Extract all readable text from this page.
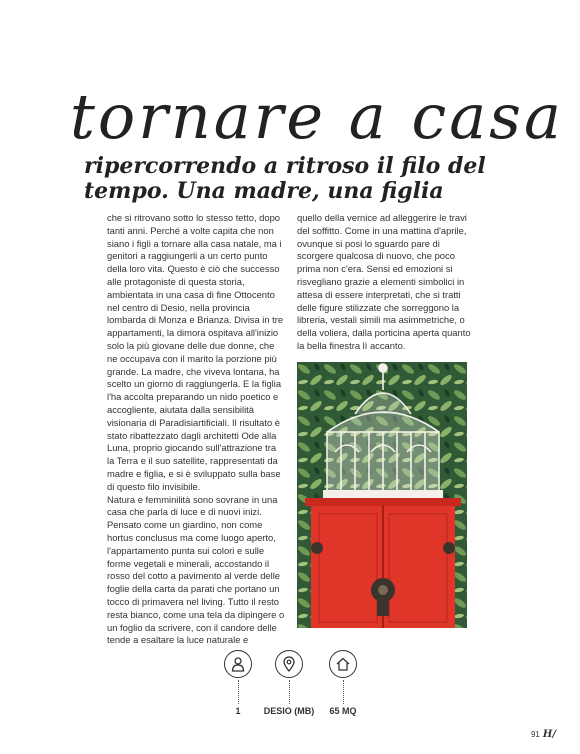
tornare a casa
ripercorrendo a ritroso il filo del tempo. Una madre, una figlia

che si ritrovano sotto lo stesso tetto, dopo tanti anni. Perché a volte capita che non siano i figli a tornare alla casa natale, ma i genitori a raggiungerli a un certo punto della loro vita. Questo è ciò che successo alle protagoniste di questa storia, ambientata in una casa di fine Ottocento nel centro di Desio, nella provincia lombarda di Monza e Brianza. Divisa in tre appartamenti, la dimora ospitava all'inizio solo la più giovane delle due donne, che ne occupava con il marito la porzione più grande. La madre, che viveva lontana, ha scelto un giorno di raggiungerla. E la figlia l'ha accolta preparando un nido poetico e accogliente, aiutata dalla sensibilità visionaria di Paradisiartificiali. Il risultato è stato ribattezzato dagli architetti Ode alla Luna, proprio giocando sull'attrazione tra la Terra e il suo satellite, rappresentati da madre e figlia, e si è sviluppato sulla base di questo filo invisibile.
Natura e femminilità sono sovrane in una casa che parla di luce e di nuovi inizi. Pensato come un giardino, non come hortus conclusus ma come luogo aperto, l'appartamento punta sui colori e sulle forme vegetali e minerali, accostando il rosso del cotto a pavimento al verde delle foglie della carta da parati che portano un tocco di primavera nel living. Tutto il resto resta bianco, come una tela da dipingere o un foglio da scrivere, con il candore delle tende a esaltare la luce naturale e

quello della vernice ad alleggerire le travi del soffitto. Come in una mattina d'aprile, ovunque si posi lo sguardo pare di scorgere qualcosa di nuovo, che poco prima non c'era. Sensi ed emozioni si risvegliano grazie a elementi simbolici in attesa di essere interpretati, che si tratti delle figure stilizzate che sorreggono la libreria, vestali simili ma asimmetriche, o della voliera, dalla porticina aperta quanto la bella finestra lì accanto.

1	DESIO (MB)	65 MQ
91 H/
